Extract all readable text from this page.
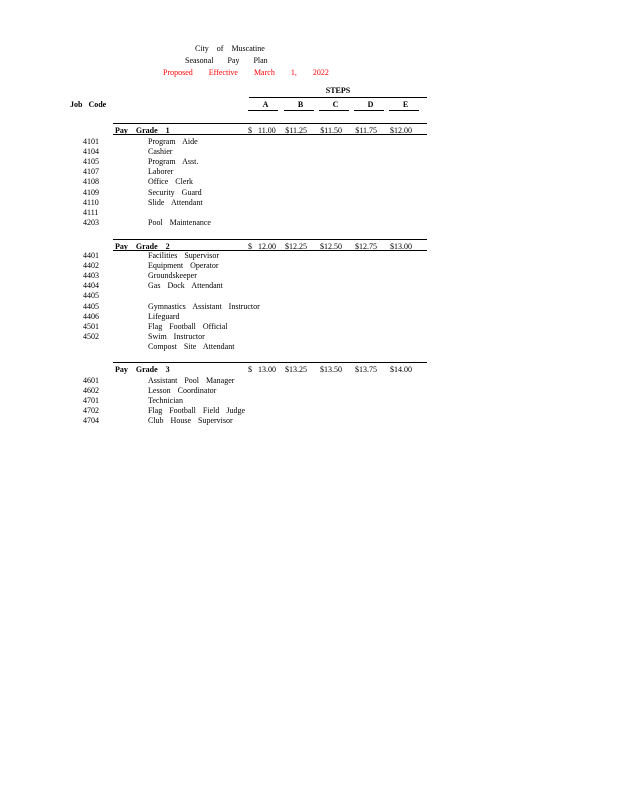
City of Muscatine
Seasonal Pay Plan
Proposed Effective March 1, 2022
Job Code
STEPS
A	B	C	D	E
Pay Grade 1	$ 11.00	$11.25	$11.50	$11.75	$12.00
4101	Program Aide
4104	Cashier
4105	Program Asst.
4107	Laborer
4108	Office Clerk
4109	Security Guard
4110	Slide Attendant
4111
4203	Pool Maintenance
Pay Grade 2	$ 12.00	$12.25	$12.50	$12.75	$13.00
4401	Facilities Supervisor
4402	Equipment Operator
4403	Groundskeeper
4404	Gas Dock Attendant
4405
4405	Gymnastics Assistant Instructor
4406	Lifeguard
4501	Flag Football Official
4502	Swim Instructor
Compost Site Attendant
Pay Grade 3	$ 13.00	$13.25	$13.50	$13.75	$14.00
4601	Assistant Pool Manager
4602	Lesson Coordinator
4701	Technician
4702	Flag Football Field Judge
4704	Club House Supervisor
